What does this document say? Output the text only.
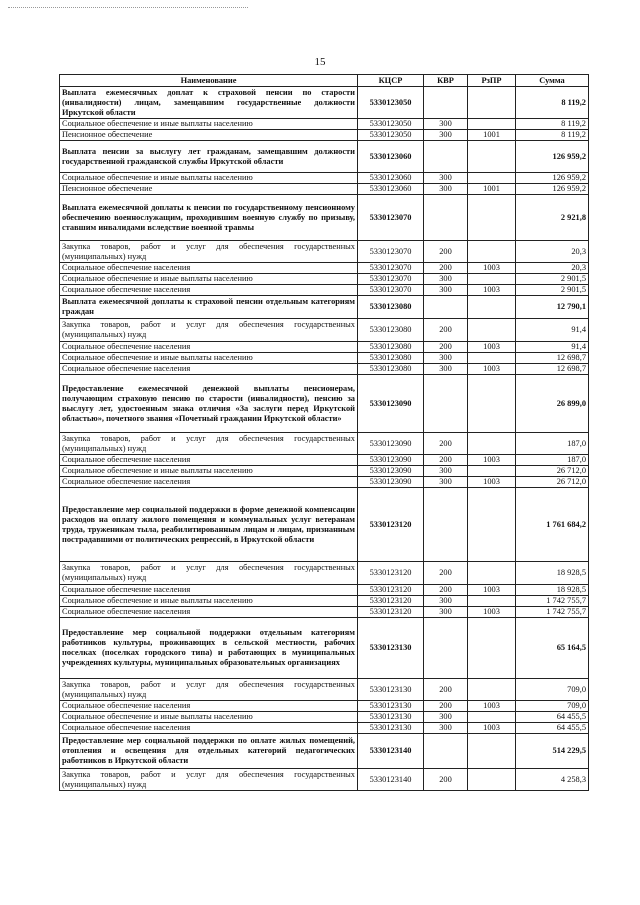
15
Наименование	КЦСР	КВР	РзПР	Сумма
Выплата ежемесячных доплат к страховой пенсии по старости (инвалидности) лицам, замещавшим государственные должности Иркутской области	5330123050			8 119,2
Социальное обеспечение и иные выплаты населению	5330123050	300		8 119,2
Пенсионное обеспечение	5330123050	300	1001	8 119,2
Выплата пенсии за выслугу лет гражданам, замещавшим должности государственной гражданской службы Иркутской области	5330123060			126 959,2
Социальное обеспечение и иные выплаты населению	5330123060	300		126 959,2
Пенсионное обеспечение	5330123060	300	1001	126 959,2
Выплата ежемесячной доплаты к пенсии по государственному пенсионному обеспечению военнослужащим, проходившим военную службу по призыву, ставшим инвалидами вследствие военной травмы	5330123070			2 921,8
Закупка товаров, работ и услуг для обеспечения государственных (муниципальных) нужд	5330123070	200		20,3
Социальное обеспечение населения	5330123070	200	1003	20,3
Социальное обеспечение и иные выплаты населению	5330123070	300		2 901,5
Социальное обеспечение населения	5330123070	300	1003	2 901,5
Выплата ежемесячной доплаты к страховой пенсии отдельным категориям граждан	5330123080			12 790,1
Закупка товаров, работ и услуг для обеспечения государственных (муниципальных) нужд	5330123080	200		91,4
Социальное обеспечение населения	5330123080	200	1003	91,4
Социальное обеспечение и иные выплаты населению	5330123080	300		12 698,7
Социальное обеспечение населения	5330123080	300	1003	12 698,7
Предоставление ежемесячной денежной выплаты пенсионерам, получающим страховую пенсию по старости (инвалидности), пенсию за выслугу лет, удостоенным знака отличия «За заслуги перед Иркутской областью», почетного звания «Почетный гражданин Иркутской области»	5330123090			26 899,0
Закупка товаров, работ и услуг для обеспечения государственных (муниципальных) нужд	5330123090	200		187,0
Социальное обеспечение населения	5330123090	200	1003	187,0
Социальное обеспечение и иные выплаты населению	5330123090	300		26 712,0
Социальное обеспечение населения	5330123090	300	1003	26 712,0
Предоставление мер социальной поддержки в форме денежной компенсации расходов на оплату жилого помещения и коммунальных услуг ветеранам труда, труженикам тыла, реабилитированным лицам и лицам, признанным пострадавшими от политических репрессий, в Иркутской области	5330123120			1 761 684,2
Закупка товаров, работ и услуг для обеспечения государственных (муниципальных) нужд	5330123120	200		18 928,5
Социальное обеспечение населения	5330123120	200	1003	18 928,5
Социальное обеспечение и иные выплаты населению	5330123120	300		1 742 755,7
Социальное обеспечение населения	5330123120	300	1003	1 742 755,7
Предоставление мер социальной поддержки отдельным категориям работников культуры, проживающих в сельской местности, рабочих поселках (поселках городского типа) и работающих в муниципальных учреждениях культуры, муниципальных образовательных организациях	5330123130			65 164,5
Закупка товаров, работ и услуг для обеспечения государственных (муниципальных) нужд	5330123130	200		709,0
Социальное обеспечение населения	5330123130	200	1003	709,0
Социальное обеспечение и иные выплаты населению	5330123130	300		64 455,5
Социальное обеспечение населения	5330123130	300	1003	64 455,5
Предоставление мер социальной поддержки по оплате жилых помещений, отопления и освещения для отдельных категорий педагогических работников в Иркутской области	5330123140			514 229,5
Закупка товаров, работ и услуг для обеспечения государственных (муниципальных) нужд	5330123140	200		4 258,3
